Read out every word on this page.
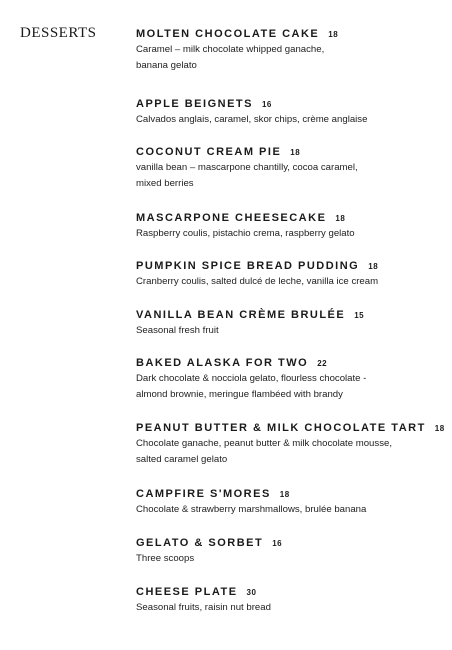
DESSERTS	MOLTEN CHOCOLATE CAKE 18
Caramel – milk chocolate whipped ganache,
banana gelato
APPLE BEIGNETS 16
Calvados anglais, caramel, skor chips, crème anglaise
COCONUT CREAM PIE 18
vanilla bean – mascarpone chantilly, cocoa caramel,
mixed berries
MASCARPONE CHEESECAKE 18
Raspberry coulis, pistachio crema, raspberry gelato
PUMPKIN SPICE BREAD PUDDING 18
Cranberry coulis, salted dulcé de leche, vanilla ice cream
VANILLA BEAN CRÈME BRULÉE 15
Seasonal fresh fruit
BAKED ALASKA FOR TWO 22
Dark chocolate & nocciola gelato, flourless chocolate -
almond brownie, meringue flambéed with brandy
PEANUT BUTTER & MILK CHOCOLATE TART 18
Chocolate ganache, peanut butter & milk chocolate mousse,
salted caramel gelato
CAMPFIRE S'MORES 18
Chocolate & strawberry marshmallows, brulée banana
GELATO & SORBET 16
Three scoops
CHEESE PLATE 30
Seasonal fruits, raisin nut bread
